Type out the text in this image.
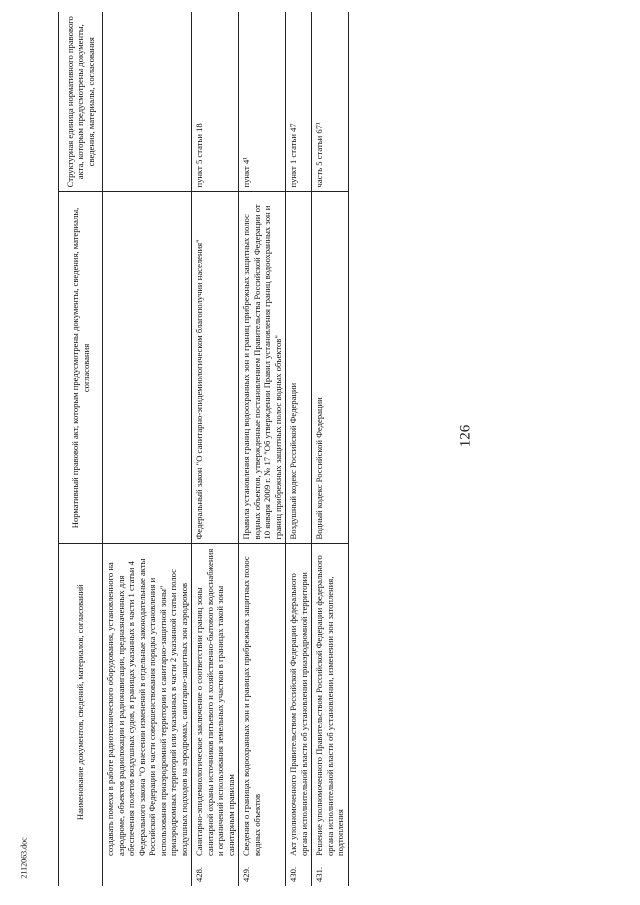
126
	Наименование документов, сведений, материалов, согласований	Нормативный правовой акт, которым предусмотрены документы, сведения, материалы, согласования	Структурная единица нормативного правового акта, которым предусмотрены документы, сведения, материалы, согласования
	создавать помехи в работе радиотехнического оборудования, установленного на аэродроме, объектов радиолокации и радионавигации, предназначенных для обеспечения полетов воздушных судов, в границах указанных в части 1 статьи 4 Федерального закона "О внесении изменений в отдельные законодательные акты Российской Федерации в части совершенствования порядка установления и использования приаэродромной территории и санитарно-защитной зоны" приаэродромных территорий или указанных в части 2 указанной статьи полос воздушных подходов на аэродромах, санитарно-защитных зон аэродромов		
428.	Санитарно-эпидемиологическое заключение о соответствии границ зоны санитарной охраны источников питьевого и хозяйственно-бытового водоснабжения и ограничений использования земельных участков в границах такой зоны санитарным правилам	Федеральный закон "О санитарно-эпидемиологическом благополучии населения"	пункт 5 статьи 18
429.	Сведения о границах водоохранных зон и границах прибрежных защитных полос водных объектов	Правила установления границ водоохранных зон и границ прибрежных защитных полос водных объектов, утвержденные постановлением Правительства Российской Федерации от 10 января 2009 г. № 17 "Об утверждении Правил установления границ водоохранных зон и границ прибрежных защитных полос водных объектов"	пункт 4¹
430.	Акт уполномоченного Правительством Российской Федерации федерального органа исполнительной власти об установлении приаэродромной территории	Воздушный кодекс Российской Федерации	пункт 1 статьи 47
431.	Решение уполномоченного Правительством Российской Федерации федерального органа исполнительной власти об установлении, изменении зон затопления, подтопления	Водный кодекс Российской Федерации	часть 5 статьи 67¹
2112063.doc
